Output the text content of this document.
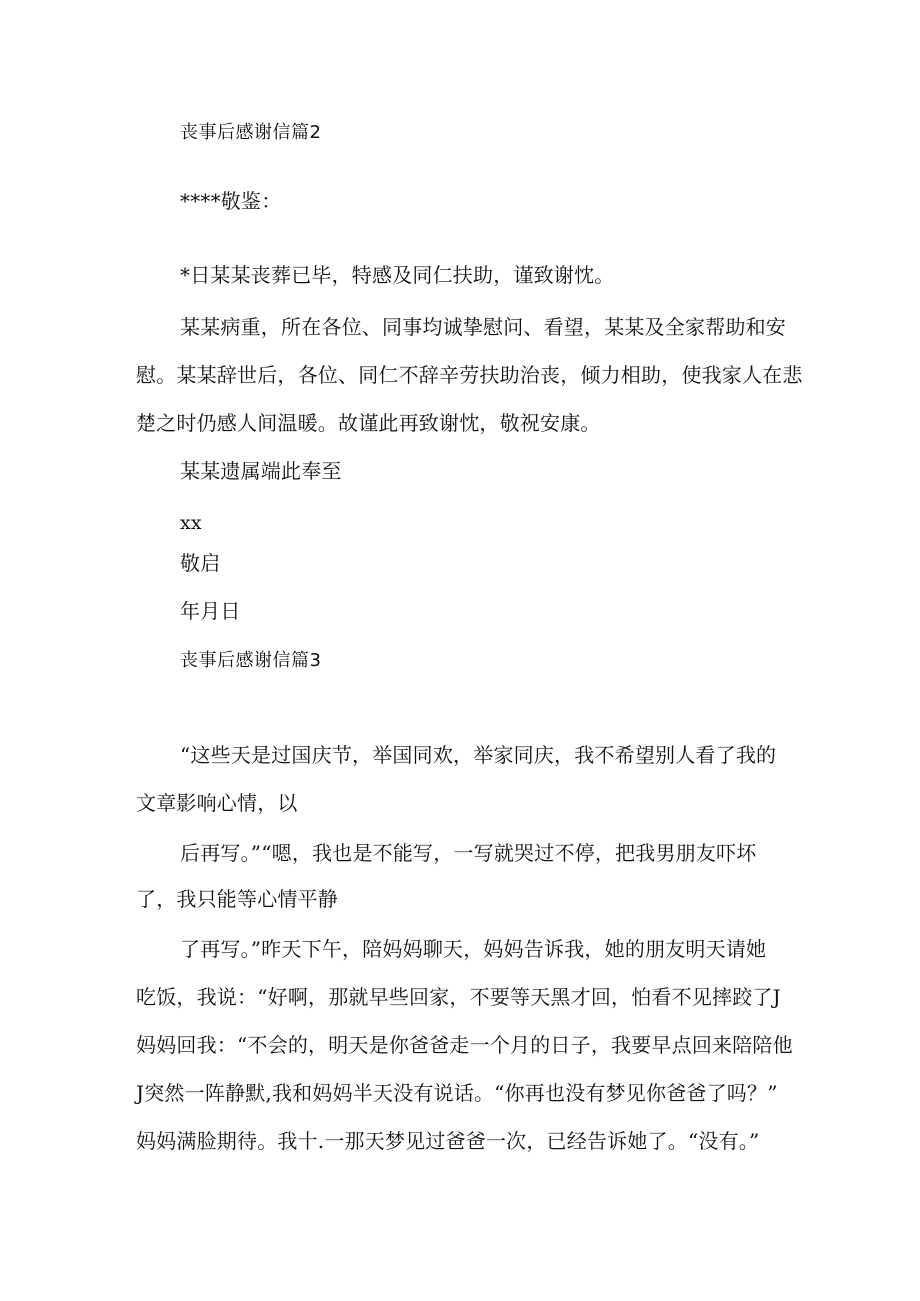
丧事后感谢信篇2
****敬鉴：
*日某某丧葬已毕，特感及同仁扶助，谨致谢忱。
某某病重，所在各位、同事均诚挚慰问、看望，某某及全家帮助和安
慰。某某辞世后，各位、同仁不辞辛劳扶助治丧，倾力相助，使我家人在悲
楚之时仍感人间温暖。故谨此再致谢忱，敬祝安康。
某某遗属端此奉至
xx
敬启
年月日
丧事后感谢信篇3
“这些天是过国庆节，举国同欢，举家同庆，我不希望别人看了我的
文章影响心情，以
后再写。”“嗯，我也是不能写，一写就哭过不停，把我男朋友吓坏
了，我只能等心情平静
了再写。”昨天下午，陪妈妈聊天，妈妈告诉我，她的朋友明天请她
吃饭，我说：“好啊，那就早些回家，不要等天黑才回，怕看不见摔跤了J
妈妈回我：“不会的，明天是你爸爸走一个月的日子，我要早点回来陪陪他
J突然一阵静默,我和妈妈半天没有说话。“你再也没有梦见你爸爸了吗？”
妈妈满脸期待。我十.一那天梦见过爸爸一次，已经告诉她了。“没有。”
